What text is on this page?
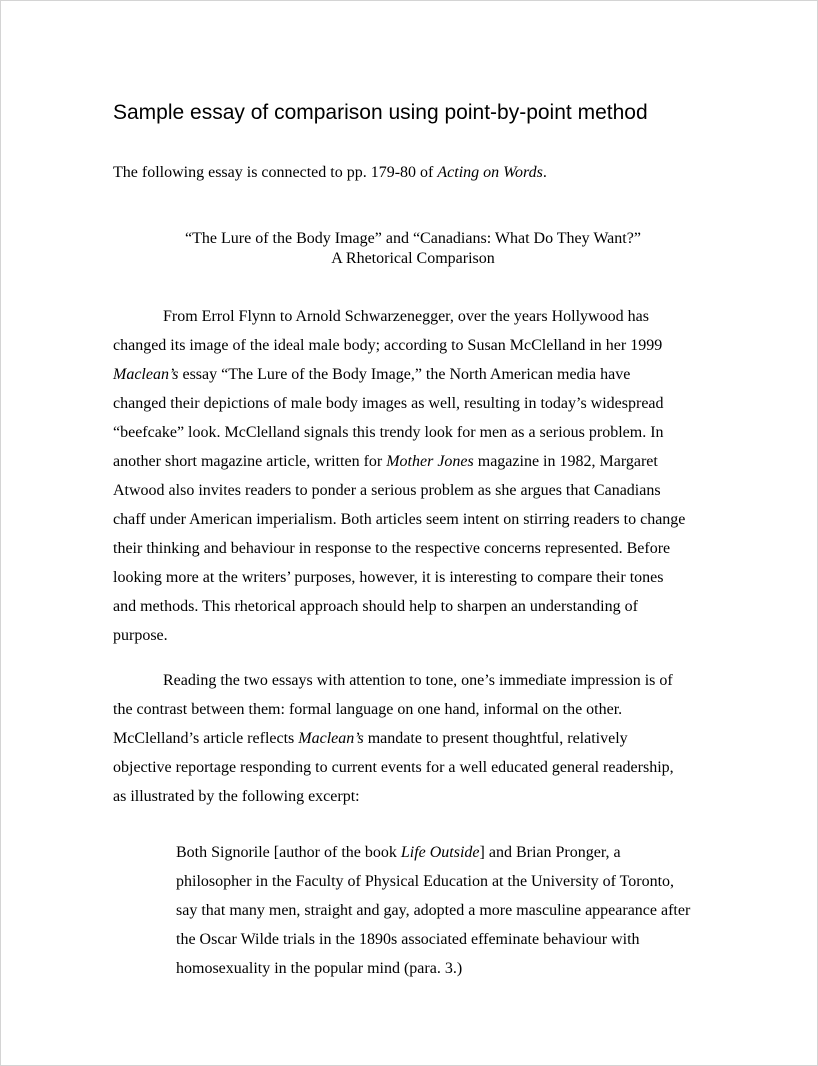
Sample essay of comparison using point-by-point method

The following essay is connected to pp. 179-80 of Acting on Words.

“The Lure of the Body Image” and “Canadians: What Do They Want?”
A Rhetorical Comparison
From Errol Flynn to Arnold Schwarzenegger, over the years Hollywood has
changed its image of the ideal male body; according to Susan McClelland in her 1999
Maclean’s essay “The Lure of the Body Image,” the North American media have
changed their depictions of male body images as well, resulting in today’s widespread
“beefcake” look. McClelland signals this trendy look for men as a serious problem. In
another short magazine article, written for Mother Jones magazine in 1982, Margaret
Atwood also invites readers to ponder a serious problem as she argues that Canadians
chaff under American imperialism. Both articles seem intent on stirring readers to change
their thinking and behaviour in response to the respective concerns represented. Before
looking more at the writers’ purposes, however, it is interesting to compare their tones
and methods. This rhetorical approach should help to sharpen an understanding of
purpose.
Reading the two essays with attention to tone, one’s immediate impression is of
the contrast between them: formal language on one hand, informal on the other.
McClelland’s article reflects Maclean’s mandate to present thoughtful, relatively
objective reportage responding to current events for a well educated general readership,
as illustrated by the following excerpt:
Both Signorile [author of the book Life Outside] and Brian Pronger, a
philosopher in the Faculty of Physical Education at the University of Toronto,
say that many men, straight and gay, adopted a more masculine appearance after
the Oscar Wilde trials in the 1890s associated effeminate behaviour with
homosexuality in the popular mind (para. 3.)
